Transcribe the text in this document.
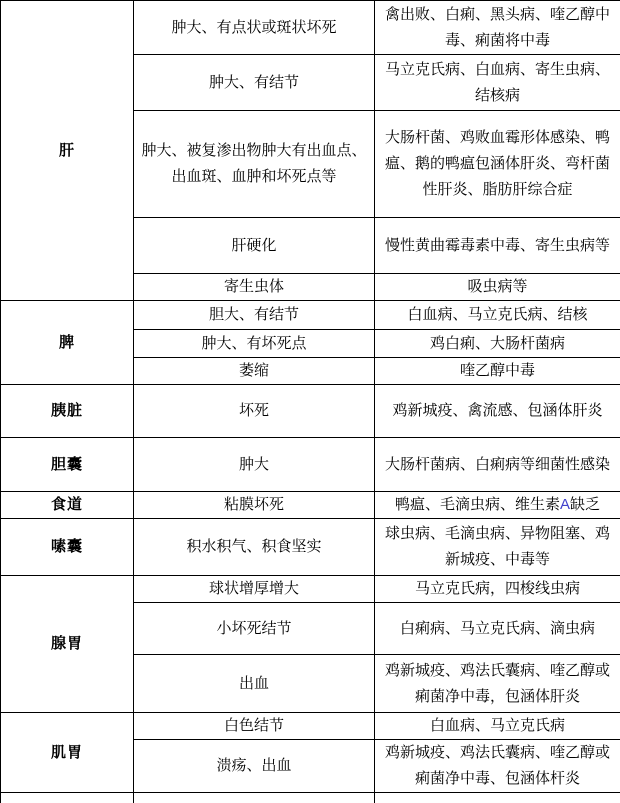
肝	肿大、有点状或斑状坏死	禽出败、白痢、黑头病、喹乙醇中毒、痢菌将中毒
	肿大、有结节	马立克氏病、白血病、寄生虫病、结核病
	肿大、被复渗出物肿大有出血点、出血斑、血肿和坏死点等	大肠杆菌、鸡败血霉形体感染、鸭瘟、鹅的鸭瘟包涵体肝炎、弯杆菌性肝炎、脂肪肝综合症
	肝硬化	慢性黄曲霉毒素中毒、寄生虫病等
	寄生虫体	吸虫病等
脾	胆大、有结节	白血病、马立克氏病、结核
	肿大、有坏死点	鸡白痢、大肠杆菌病
	萎缩	喹乙醇中毒
胰脏	坏死	鸡新城疫、禽流感、包涵体肝炎
胆囊	肿大	大肠杆菌病、白痢病等细菌性感染
食道	粘膜坏死	鸭瘟、毛滴虫病、维生素A缺乏
嗉囊	积水积气、积食坚实	球虫病、毛滴虫病、异物阻塞、鸡新城疫、中毒等
腺胃	球状增厚增大	马立克氏病，四梭线虫病
	小坏死结节	白痢病、马立克氏病、滴虫病
	出血	鸡新城疫、鸡法氏囊病、喹乙醇或痢菌净中毒，包涵体肝炎
肌胃	白色结节	白血病、马立克氏病
	溃疡、出血	鸡新城疫、鸡法氏囊病、喹乙醇或痢菌净中毒、包涵体杆炎
